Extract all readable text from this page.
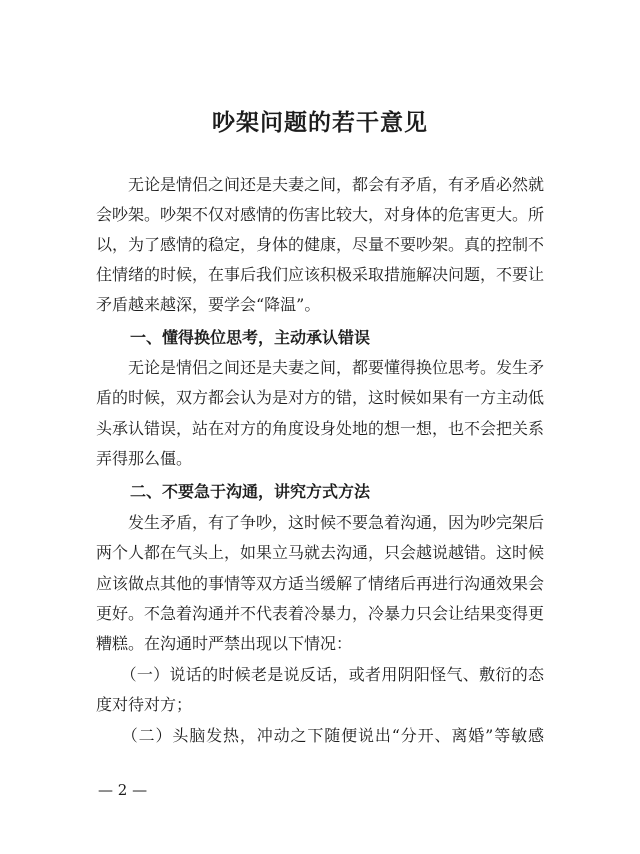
吵架问题的若干意见
　　无论是情侣之间还是夫妻之间，都会有矛盾，有矛盾必然就
会吵架。吵架不仅对感情的伤害比较大，对身体的危害更大。所
以，为了感情的稳定，身体的健康，尽量不要吵架。真的控制不
住情绪的时候，在事后我们应该积极采取措施解决问题，不要让
矛盾越来越深，要学会“降温”。
一、懂得换位思考，主动承认错误
　　无论是情侣之间还是夫妻之间，都要懂得换位思考。发生矛
盾的时候，双方都会认为是对方的错，这时候如果有一方主动低
头承认错误，站在对方的角度设身处地的想一想，也不会把关系
弄得那么僵。
二、不要急于沟通，讲究方式方法
　　发生矛盾，有了争吵，这时候不要急着沟通，因为吵完架后
两个人都在气头上，如果立马就去沟通，只会越说越错。这时候
应该做点其他的事情等双方适当缓解了情绪后再进行沟通效果会
更好。不急着沟通并不代表着冷暴力，冷暴力只会让结果变得更
糟糕。在沟通时严禁出现以下情况：
　　（一）说话的时候老是说反话，或者用阴阳怪气、敷衍的态
度对待对方；
　　（二）头脑发热，冲动之下随便说出“分开、离婚”等敏感
— 2 —
